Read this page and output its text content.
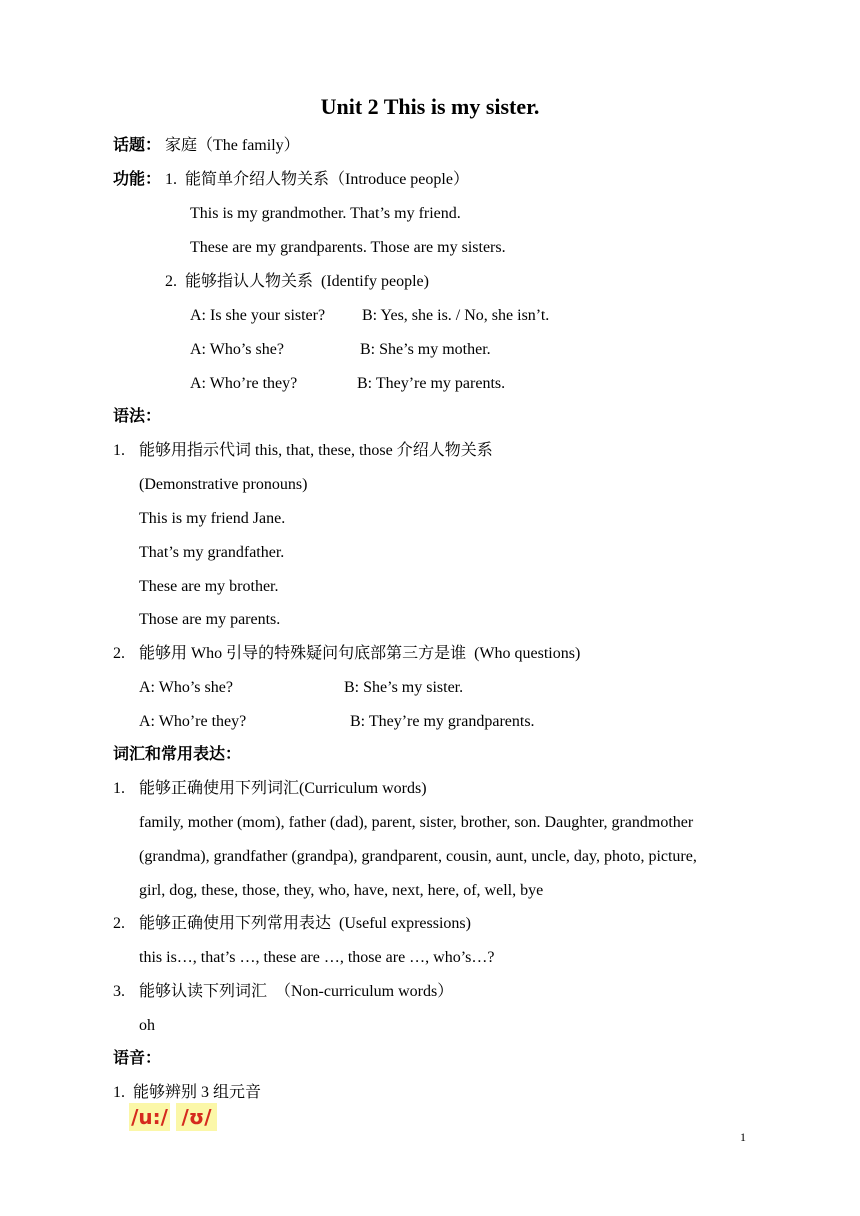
Unit 2 This is my sister.
话题： 家庭（The family）
功能： 1.  能简单介绍人物关系（Introduce people）
This is my grandmother. That’s my friend.
These are my grandparents. Those are my sisters.
2.  能够指认人物关系  (Identify people)
A: Is she your sister? B: Yes, she is. / No, she isn’t.
A: Who’s she?	B: She’s my mother.
A: Who’re they?	B: They’re my parents.
语法：
1. 能够用指示代词 this, that, these, those 介绍人物关系
(Demonstrative pronouns)
This is my friend Jane.
That’s my grandfather.
These are my brother.
Those are my parents.
2. 能够用 Who 引导的特殊疑问句底部第三方是谁  (Who questions)
A: Who’s she?	B: She’s my sister.
A: Who’re they?	B: They’re my grandparents.
词汇和常用表达：
1. 能够正确使用下列词汇(Curriculum words)
family, mother (mom), father (dad), parent, sister, brother, son. Daughter, grandmother
(grandma), grandfather (grandpa), grandparent, cousin, aunt, uncle, day, photo, picture,
girl, dog, these, those, they, who, have, next, here, of, well, bye
2. 能够正确使用下列常用表达  (Useful expressions)
this is…, that’s …, these are …, those are …, who’s…?
3. 能够认读下列词汇  （Non-curriculum words）
oh
语音：
1.  能够辨别 3 组元音
/u:/ /ʊ/
1
